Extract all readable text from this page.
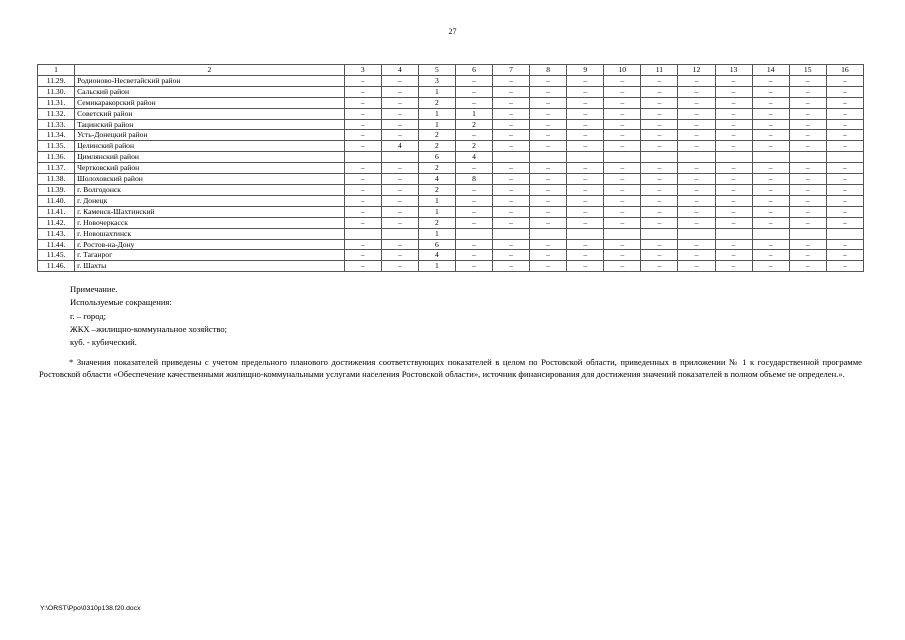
27
1	2	3	4	5	6	7	8	9	10	11	12	13	14	15	16
11.29.	Родионово-Несветайский район	–	–	3	–	–	–	–	–	–	–	–	–	–	–
11.30.	Сальский район	–	–	1	–	–	–	–	–	–	–	–	–	–	–
11.31.	Семикаракорский район	–	–	2	–	–	–	–	–	–	–	–	–	–	–
11.32.	Советский район	–	–	1	1	–	–	–	–	–	–	–	–	–	–
11.33.	Тацинский район	–	–	1	2	–	–	–	–	–	–	–	–	–	–
11.34.	Усть-Донецкий район	–	–	2	–	–	–	–	–	–	–	–	–	–	–
11.35.	Целинский район	–	4	2	2	–	–	–	–	–	–	–	–	–	–
11.36.	Цимлянский район			6	4										
11.37.	Чертковский район	–	–	2	–	–	–	–	–	–	–	–	–	–	–
11.38.	Шолоховский район	–	–	4	8	–	–	–	–	–	–	–	–	–	–
11.39.	г. Волгодонск	–	–	2	–	–	–	–	–	–	–	–	–	–	–
11.40.	г. Донецк	–	–	1	–	–	–	–	–	–	–	–	–	–	–
11.41.	г. Каменск-Шахтинский	–	–	1	–	–	–	–	–	–	–	–	–	–	–
11.42.	г. Новочеркасск	–	–	2	–	–	–	–	–	–	–	–	–	–	–
11.43.	г. Новошахтинск			1											
11.44.	г. Ростов-на-Дону	–	–	6	–	–	–	–	–	–	–	–	–	–	–
11.45.	г. Таганрог	–	–	4	–	–	–	–	–	–	–	–	–	–	–
11.46.	г. Шахты	–	–	1	–	–	–	–	–	–	–	–	–	–	–
Примечание.
Используемые сокращения:
г. – город;
ЖКХ –жилищно-коммунальное хозяйство;
куб. - кубический.

* Значения показателей приведены с учетом предельного планового достижения соответствующих показателей в целом по Ростовской области, приведенных в приложении № 1 к государственной программе Ростовской области «Обеспечение качественными жилищно-коммунальными услугами населения Ростовской области», источник финансирования для достижения значений показателей в полном объеме не определен.».

Y:\ORST\Ppo\0310p138.f20.docx
